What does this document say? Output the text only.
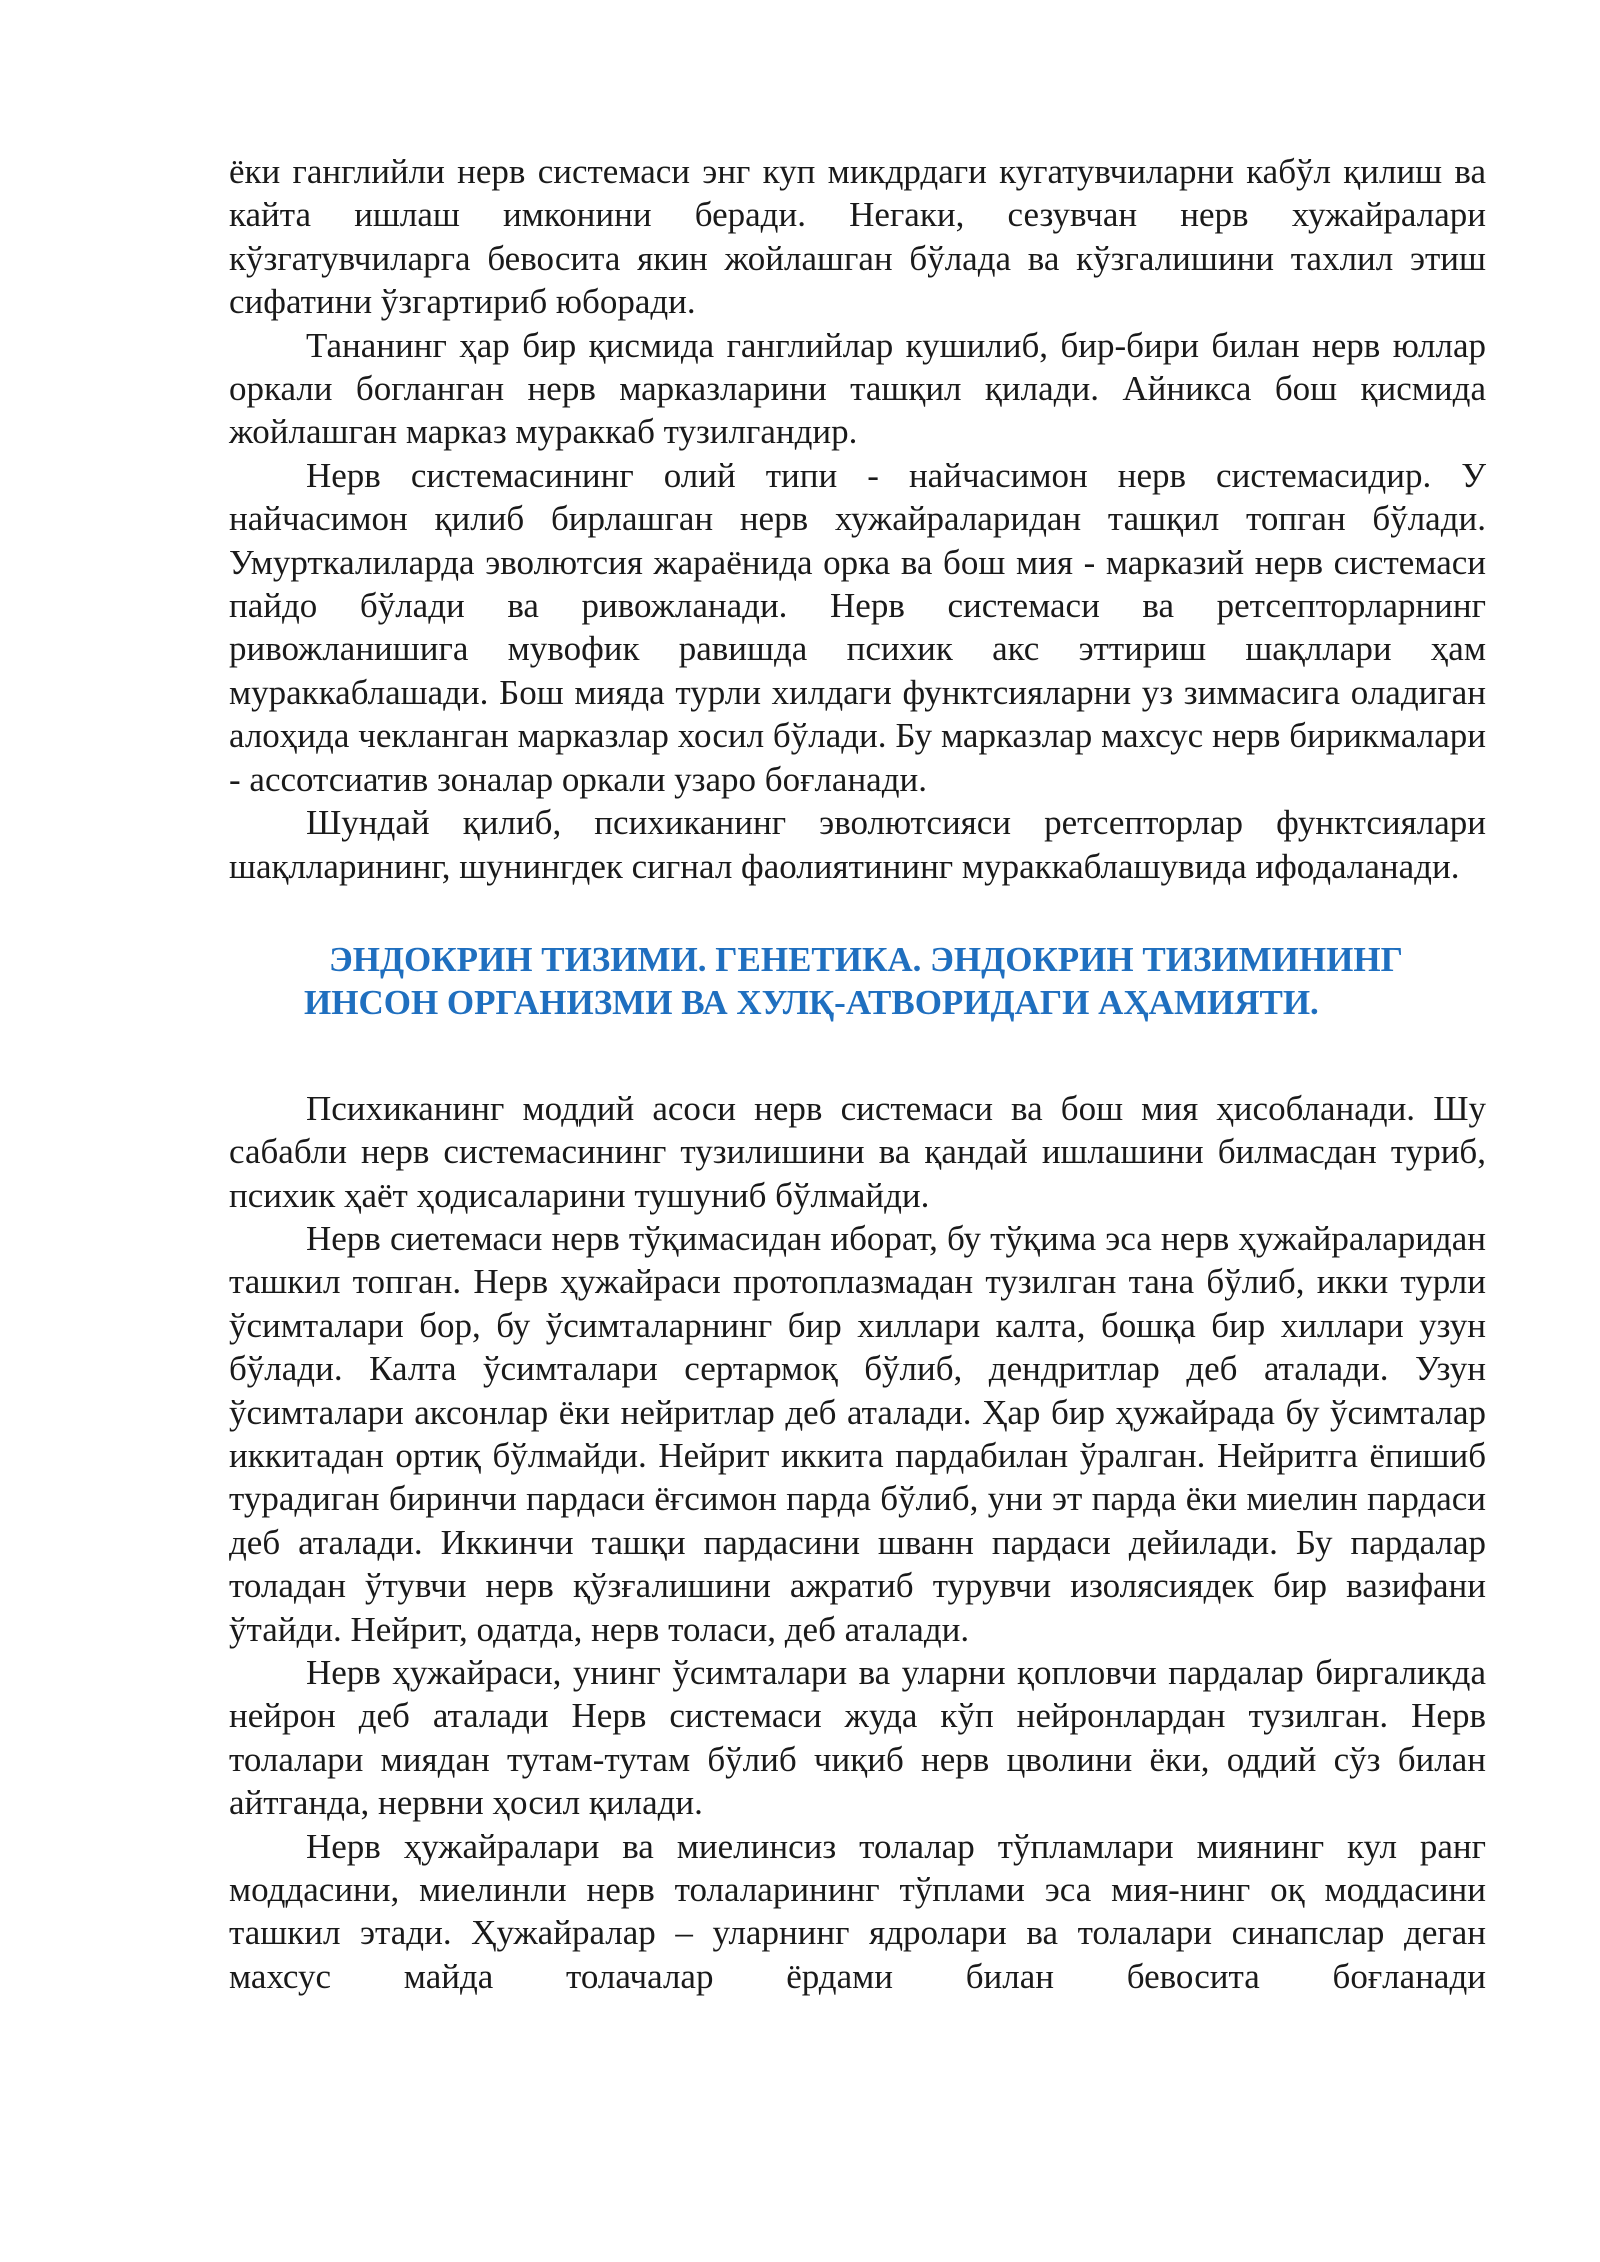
ёки ганглийли нерв системаси энг куп микдрдаги кугатувчиларни кабўл қилиш ва кайта ишлаш имконини беради. Негаки, сезувчан нерв хужайралари кўзгатувчиларга бевосита якин жойлашган бўлада ва кўзгалишини тахлил этиш сифатини ўзгартириб юборади.

Тананинг ҳар бир қисмида ганглийлар кушилиб, бир-бири билан нерв юллар оркали богланган нерв марказларини ташқил қилади. Айникса бош қисмида жойлашган марказ мураккаб тузилгандир.

Нерв системасининг олий типи - найчасимон нерв системасидир. У найчасимон қилиб бирлашган нерв хужайраларидан ташқил топган бўлади. Умурткалиларда эволютсия жараёнида орка ва бош мия - марказий нерв системаси пайдо бўлади ва ривожланади. Нерв системаси ва ретсепторларнинг ривожланишига мувофик равишда психик акс эттириш шақллари ҳам мураккаблашади. Бош мияда турли хилдаги функтсияларни уз зиммасига оладиган алоҳида чекланган марказлар хосил бўлади. Бу марказлар махсус нерв бирикмалари - ассотсиатив зоналар оркали узаро боғланади.

Шундай қилиб, психиканинг эволютсияси ретсепторлар функтсиялари шақлларининг, шунингдек сигнал фаолиятининг мураккаблашувида ифодаланади.

ЭНДОКРИН ТИЗИМИ. ГЕНЕТИКА. ЭНДОКРИН ТИЗИМИНИНГ
ИНСОН ОРГАНИЗМИ ВА ХУЛҚ-АТВОРИДАГИ АҲАМИЯТИ.

Психиканинг моддий асоси нерв системаси ва бош мия ҳисобланади. Шу сабабли нерв системасининг тузилишини ва қандай ишлашини билмасдан туриб, психик ҳаёт ҳодисаларини тушуниб бўлмайди.

Нерв сиетемаси нерв тўқимасидан иборат, бу тўқима эса нерв ҳужайраларидан ташкил топган. Нерв ҳужайраси протоплазмадан тузилган тана бўлиб, икки турли ўсимталари бор, бу ўсимталарнинг бир хиллари калта, бошқа бир хиллари узун бўлади. Калта ўсимталари сертармоқ бўлиб, дендритлар деб аталади. Узун ўсимталари аксонлар ёки нейритлар деб аталади. Ҳар бир ҳужайрада бу ўсимталар иккитадан ортиқ бўлмайди. Нейрит иккита пардабилан ўралган. Нейритга ёпишиб турадиган биринчи пардаси ёғсимон парда бўлиб, уни эт парда ёки миелин пардаси деб аталади. Иккинчи ташқи пардасини шванн пардаси дейилади. Бу пардалар толадан ўтувчи нерв қўзғалишини ажратиб турувчи изолясиядек бир вазифани ўтайди. Нейрит, одатда, нерв толаси, деб аталади.

Нерв ҳужайраси, унинг ўсимталари ва уларни қопловчи пардалар биргаликда нейрон деб аталади Нерв системаси жуда кўп нейронлардан тузилган. Нерв толалари миядан тутам-тутам бўлиб чиқиб нерв цволини ёки, оддий сўз билан айтганда, нервни ҳосил қилади.

Нерв ҳужайралари ва миелинсиз толалар тўпламлари миянинг кул ранг моддасини, миелинли нерв толаларининг тўплами эса мия-нинг оқ моддасини ташкил этади. Ҳужайралар – уларнинг ядролари ва толалари синапслар деган махсус майда толачалар ёрдами билан бевосита боғланади
